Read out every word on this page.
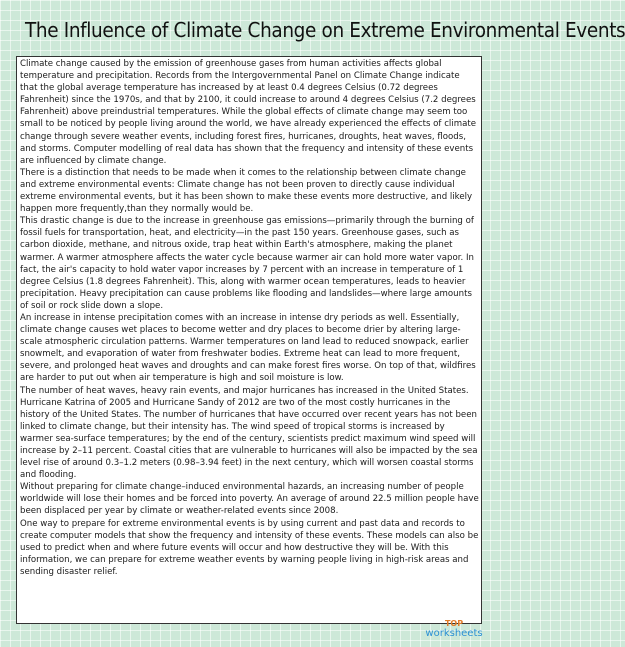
The Influence of Climate Change on Extreme Environmental Events

Climate change caused by the emission of greenhouse gases from human activities affects global temperature and precipitation. Records from the Intergovernmental Panel on Climate Change indicate that the global average temperature has increased by at least 0.4 degrees Celsius (0.72 degrees Fahrenheit) since the 1970s, and that by 2100, it could increase to around 4 degrees Celsius (7.2 degrees Fahrenheit) above preindustrial temperatures. While the global effects of climate change may seem too small to be noticed by people living around the world, we have already experienced the effects of climate change through severe weather events, including forest fires, hurricanes, droughts, heat waves, floods, and storms. Computer modelling of real data has shown that the frequency and intensity of these events are influenced by climate change.

There is a distinction that needs to be made when it comes to the relationship between climate change and extreme environmental events: Climate change has not been proven to directly cause individual extreme environmental events, but it has been shown to make these events more destructive, and likely happen more frequently,than they normally would be.

This drastic change is due to the increase in greenhouse gas emissions—primarily through the burning of fossil fuels for transportation, heat, and electricity—in the past 150 years. Greenhouse gases, such as carbon dioxide, methane, and nitrous oxide, trap heat within Earth's atmosphere, making the planet warmer. A warmer atmosphere affects the water cycle because warmer air can hold more water vapor. In fact, the air's capacity to hold water vapor increases by 7 percent with an increase in temperature of 1 degree Celsius (1.8 degrees Fahrenheit). This, along with warmer ocean temperatures, leads to heavier precipitation. Heavy precipitation can cause problems like flooding and landslides—where large amounts of soil or rock slide down a slope.

An increase in intense precipitation comes with an increase in intense dry periods as well. Essentially, climate change causes wet places to become wetter and dry places to become drier by altering large-scale atmospheric circulation patterns. Warmer temperatures on land lead to reduced snowpack, earlier snowmelt, and evaporation of water from freshwater bodies. Extreme heat can lead to more frequent, severe, and prolonged heat waves and droughts and can make forest fires worse. On top of that, wildfires are harder to put out when air temperature is high and soil moisture is low.

The number of heat waves, heavy rain events, and major hurricanes has increased in the United States. Hurricane Katrina of 2005 and Hurricane Sandy of 2012 are two of the most costly hurricanes in the history of the United States. The number of hurricanes that have occurred over recent years has not been linked to climate change, but their intensity has. The wind speed of tropical storms is increased by warmer sea-surface temperatures; by the end of the century, scientists predict maximum wind speed will increase by 2–11 percent. Coastal cities that are vulnerable to hurricanes will also be impacted by the sea level rise of around 0.3–1.2 meters (0.98–3.94 feet) in the next century, which will worsen coastal storms and flooding.

Without preparing for climate change–induced environmental hazards, an increasing number of people worldwide will lose their homes and be forced into poverty. An average of around 22.5 million people have been displaced per year by climate or weather-related events since 2008.

One way to prepare for extreme environmental events is by using current and past data and records to create computer models that show the frequency and intensity of these events. These models can also be used to predict when and where future events will occur and how destructive they will be. With this information, we can prepare for extreme weather events by warning people living in high-risk areas and sending disaster relief.

TOP
worksheets
